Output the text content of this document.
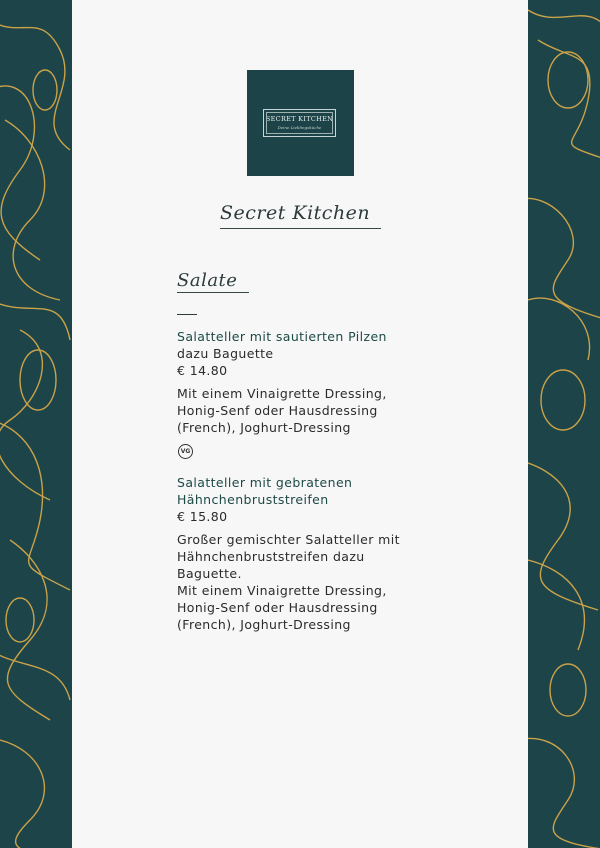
SECRET KITCHEN
Deine Lieblingsküche
Secret Kitchen
Salate

Salatteller mit sautierten Pilzen

dazu Baguette

€ 14.80

Mit einem Vinaigrette Dressing,
Honig-Senf oder Hausdressing
(French), Joghurt-Dressing

VG

Salatteller mit gebratenen

Hähnchenbruststreifen

€ 15.80

Großer gemischter Salatteller mit
Hähnchenbruststreifen dazu
Baguette.
Mit einem Vinaigrette Dressing,
Honig-Senf oder Hausdressing
(French), Joghurt-Dressing
